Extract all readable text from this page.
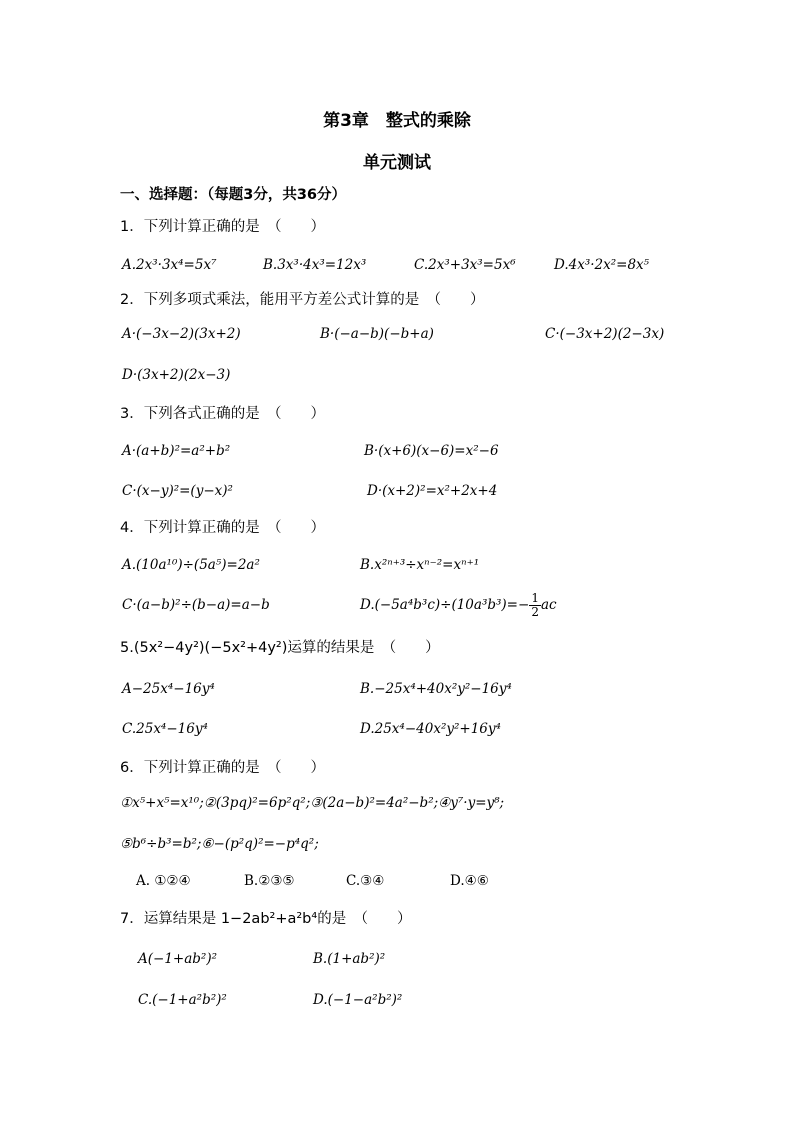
第3章　整式的乘除
单元测试
一、选择题：（每题3分，共36分）
1．下列计算正确的是　（　　）
A.2x³·3x⁴=5x⁷	B.3x³·4x³=12x³	C.2x³+3x³=5x⁶	D.4x³·2x²=8x⁵
2．下列多项式乘法，能用平方差公式计算的是　（　　）
A·(−3x−2)(3x+2)	B·(−a−b)(−b+a)	C·(−3x+2)(2−3x)
D·(3x+2)(2x−3)
3．下列各式正确的是　（　　）
A·(a+b)²=a²+b²	B·(x+6)(x−6)=x²−6
C·(x−y)²=(y−x)²	D·(x+2)²=x²+2x+4
4．下列计算正确的是　（　　）
A.(10a¹⁰)÷(5a⁵)=2a²	B.x²ⁿ⁺³÷xⁿ⁻²=xⁿ⁺¹
C·(a−b)²÷(b−a)=a−b	$D.(-5a^4b^3c)\div(10a^3b^3)=- \frac{1}{2}$ ac
5.(5x²−4y²)(−5x²+4y²)运算的结果是　（　　）
A−25x⁴−16y⁴	B.−25x⁴+40x²y²−16y⁴
C.25x⁴−16y⁴	D.25x⁴−40x²y²+16y⁴
6．下列计算正确的是　（　　）
①x⁵+x⁵=x¹⁰;②(3pq)²=6p²q²;③(2a−b)²=4a²−b²;④y⁷·y=y⁸;
⑤b⁶÷b³=b²;⑥−(p²q)²=−p⁴q²;
A. ①②④	B.②③⑤	C.③④	D.④⑥
7．运算结果是 1−2ab²+a²b⁴的是　（　　）
A(−1+ab²)²	B.(1+ab²)²
C.(−1+a²b²)²	D.(−1−a²b²)²
